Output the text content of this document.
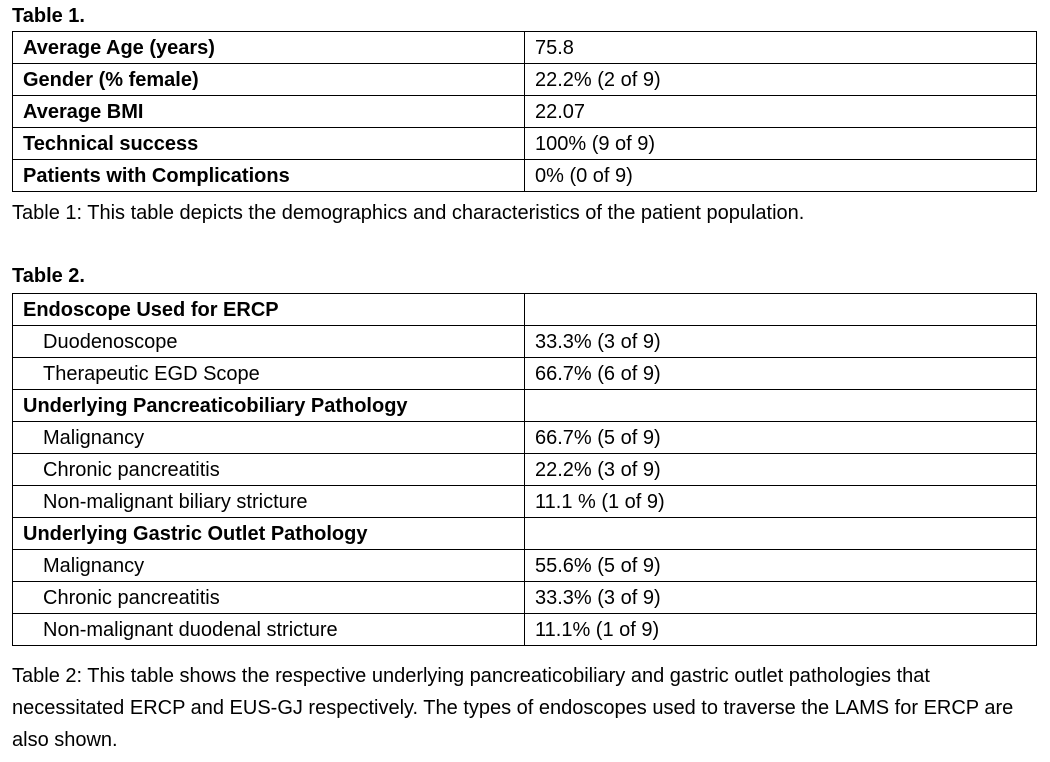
Table 1.
Average Age (years)	75.8
Gender (% female)	22.2% (2 of 9)
Average BMI	22.07
Technical success	100% (9 of 9)
Patients with Complications	0% (0 of 9)
Table 1: This table depicts the demographics and characteristics of the patient population.
Table 2.
Endoscope Used for ERCP	
Duodenoscope	33.3% (3 of 9)
Therapeutic EGD Scope	66.7% (6 of 9)
Underlying Pancreaticobiliary Pathology	
Malignancy	66.7% (5 of 9)
Chronic pancreatitis	22.2% (3 of 9)
Non-malignant biliary stricture	11.1 % (1 of 9)
Underlying Gastric Outlet Pathology	
Malignancy	55.6% (5 of 9)
Chronic pancreatitis	33.3% (3 of 9)
Non-malignant duodenal stricture	11.1% (1 of 9)
Table 2: This table shows the respective underlying pancreaticobiliary and gastric outlet pathologies that necessitated ERCP and EUS-GJ respectively. The types of endoscopes used to traverse the LAMS for ERCP are also shown.
